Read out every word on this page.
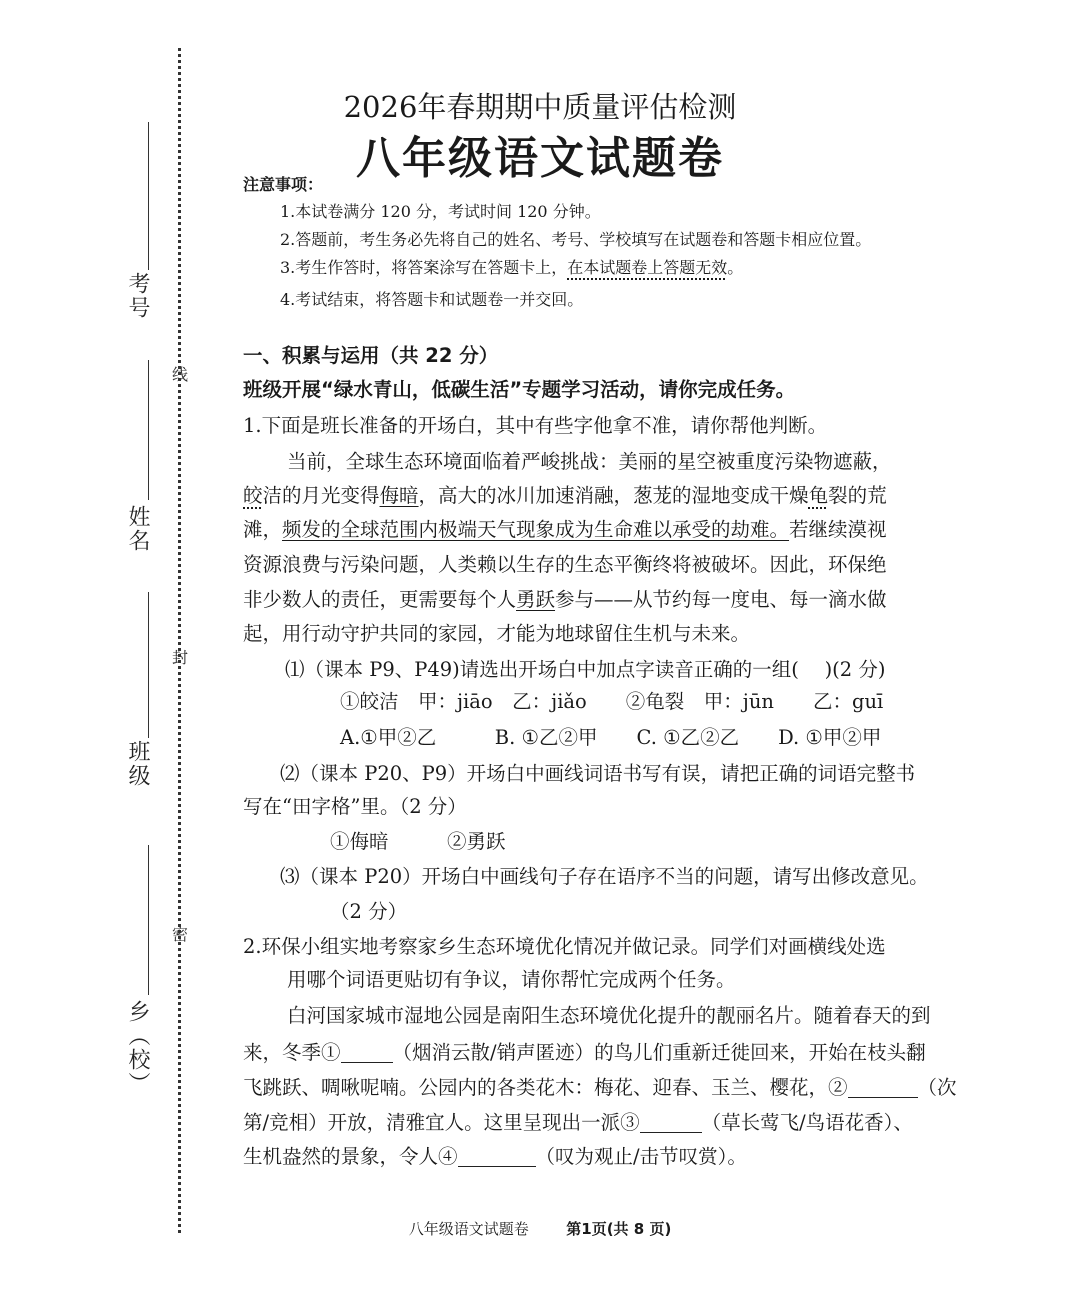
线
封
密
考号
姓名
班级
乡（校）
2026年春期期中质量评估检测
八年级语文试题卷
注意事项：
1.本试卷满分 120 分，考试时间 120 分钟。
2.答题前，考生务必先将自己的姓名、考号、学校填写在试题卷和答题卡相应位置。
3.考生作答时，将答案涂写在答题卡上，在本试题卷上答题无效。
4.考试结束，将答题卡和试题卷一并交回。
一、积累与运用（共 22 分）
班级开展“绿水青山，低碳生活”专题学习活动，请你完成任务。
1.下面是班长准备的开场白，其中有些字他拿不准，请你帮他判断。
当前，全球生态环境面临着严峻挑战：美丽的星空被重度污染物遮蔽，
皎洁的月光变得侮暗，高大的冰川加速消融，葱茏的湿地变成干燥龟裂的荒
滩，频发的全球范围内极端天气现象成为生命难以承受的劫难。若继续漠视
资源浪费与污染问题，人类赖以生存的生态平衡终将被破坏。因此，环保绝
非少数人的责任，更需要每个人勇跃参与——从节约每一度电、每一滴水做
起，用行动守护共同的家园，才能为地球留住生机与未来。
⑴（课本 P9、P49)请选出开场白中加点字读音正确的一组(　 )(2 分)
①皎洁　甲：jiāo　乙：jiǎo　　②龟裂　甲：jūn　　乙：guī
A.①甲②乙　　　B. ①乙②甲　　C. ①乙②乙　　D. ①甲②甲
⑵（课本 P20、P9）开场白中画线词语书写有误，请把正确的词语完整书
写在“田字格”里。（2 分）
①侮暗　　　②勇跃
⑶（课本 P20）开场白中画线句子存在语序不当的问题，请写出修改意见。
（2 分）
2.环保小组实地考察家乡生态环境优化情况并做记录。同学们对画横线处选
用哪个词语更贴切有争议，请你帮忙完成两个任务。
白河国家城市湿地公园是南阳生态环境优化提升的靓丽名片。随着春天的到
来，冬季①	（烟消云散/销声匿迹）的鸟儿们重新迁徙回来，开始在枝头翻
飞跳跃、啁啾呢喃。公园内的各类花木：梅花、迎春、玉兰、樱花，②	（次
第/竞相）开放，清雅宜人。这里呈现出一派③	（草长莺飞/鸟语花香）、
生机盎然的景象，令人④	（叹为观止/击节叹赏）。
八年级语文试题卷	第1页(共 8 页)
